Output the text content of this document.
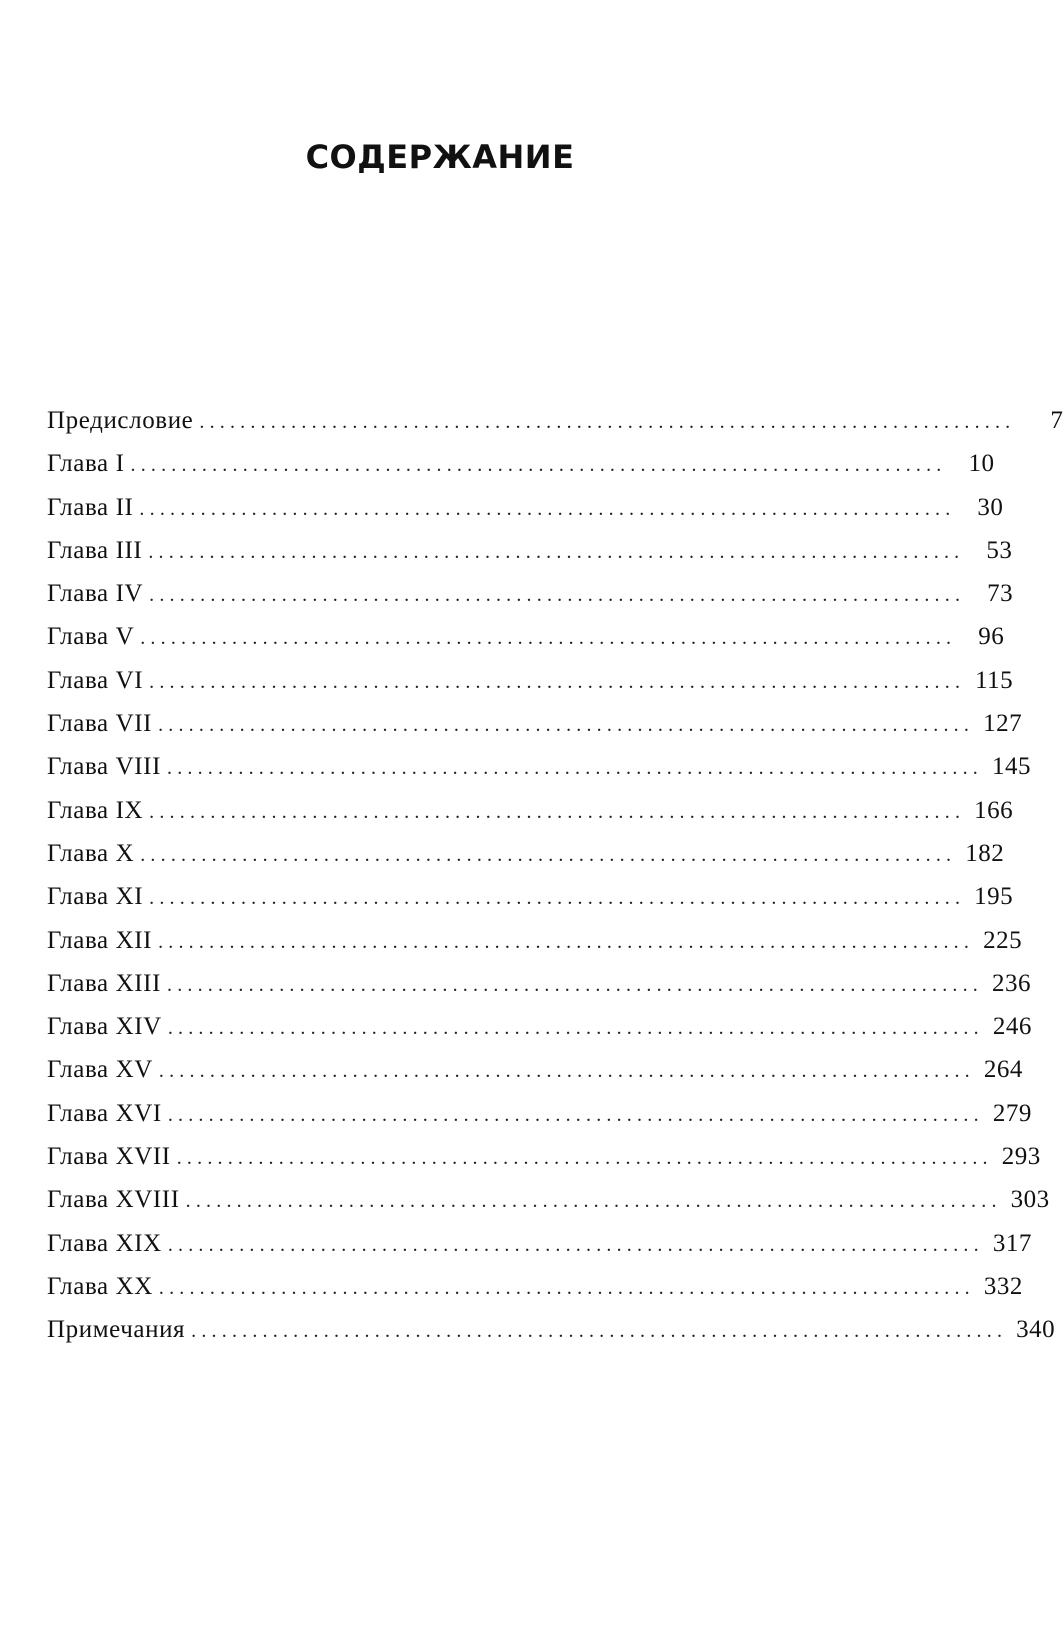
СОДЕРЖАНИЕ
Предисловие ................................................................................	7
Глава I ................................................................................ 10
Глава II ................................................................................ 30
Глава III ................................................................................ 53
Глава IV ................................................................................ 73
Глава V ................................................................................ 96
Глава VI ................................................................................ 115
Глава VII ................................................................................ 127
Глава VIII ................................................................................ 145
Глава IX ................................................................................ 166
Глава X ................................................................................ 182
Глава XI ................................................................................ 195
Глава XII ................................................................................ 225
Глава XIII ................................................................................ 236
Глава XIV ................................................................................ 246
Глава XV ................................................................................ 264
Глава XVI ................................................................................ 279
Глава XVII ................................................................................ 293
Глава XVIII ................................................................................ 303
Глава XIX ................................................................................ 317
Глава XX ................................................................................ 332
Примечания ................................................................................ 340
